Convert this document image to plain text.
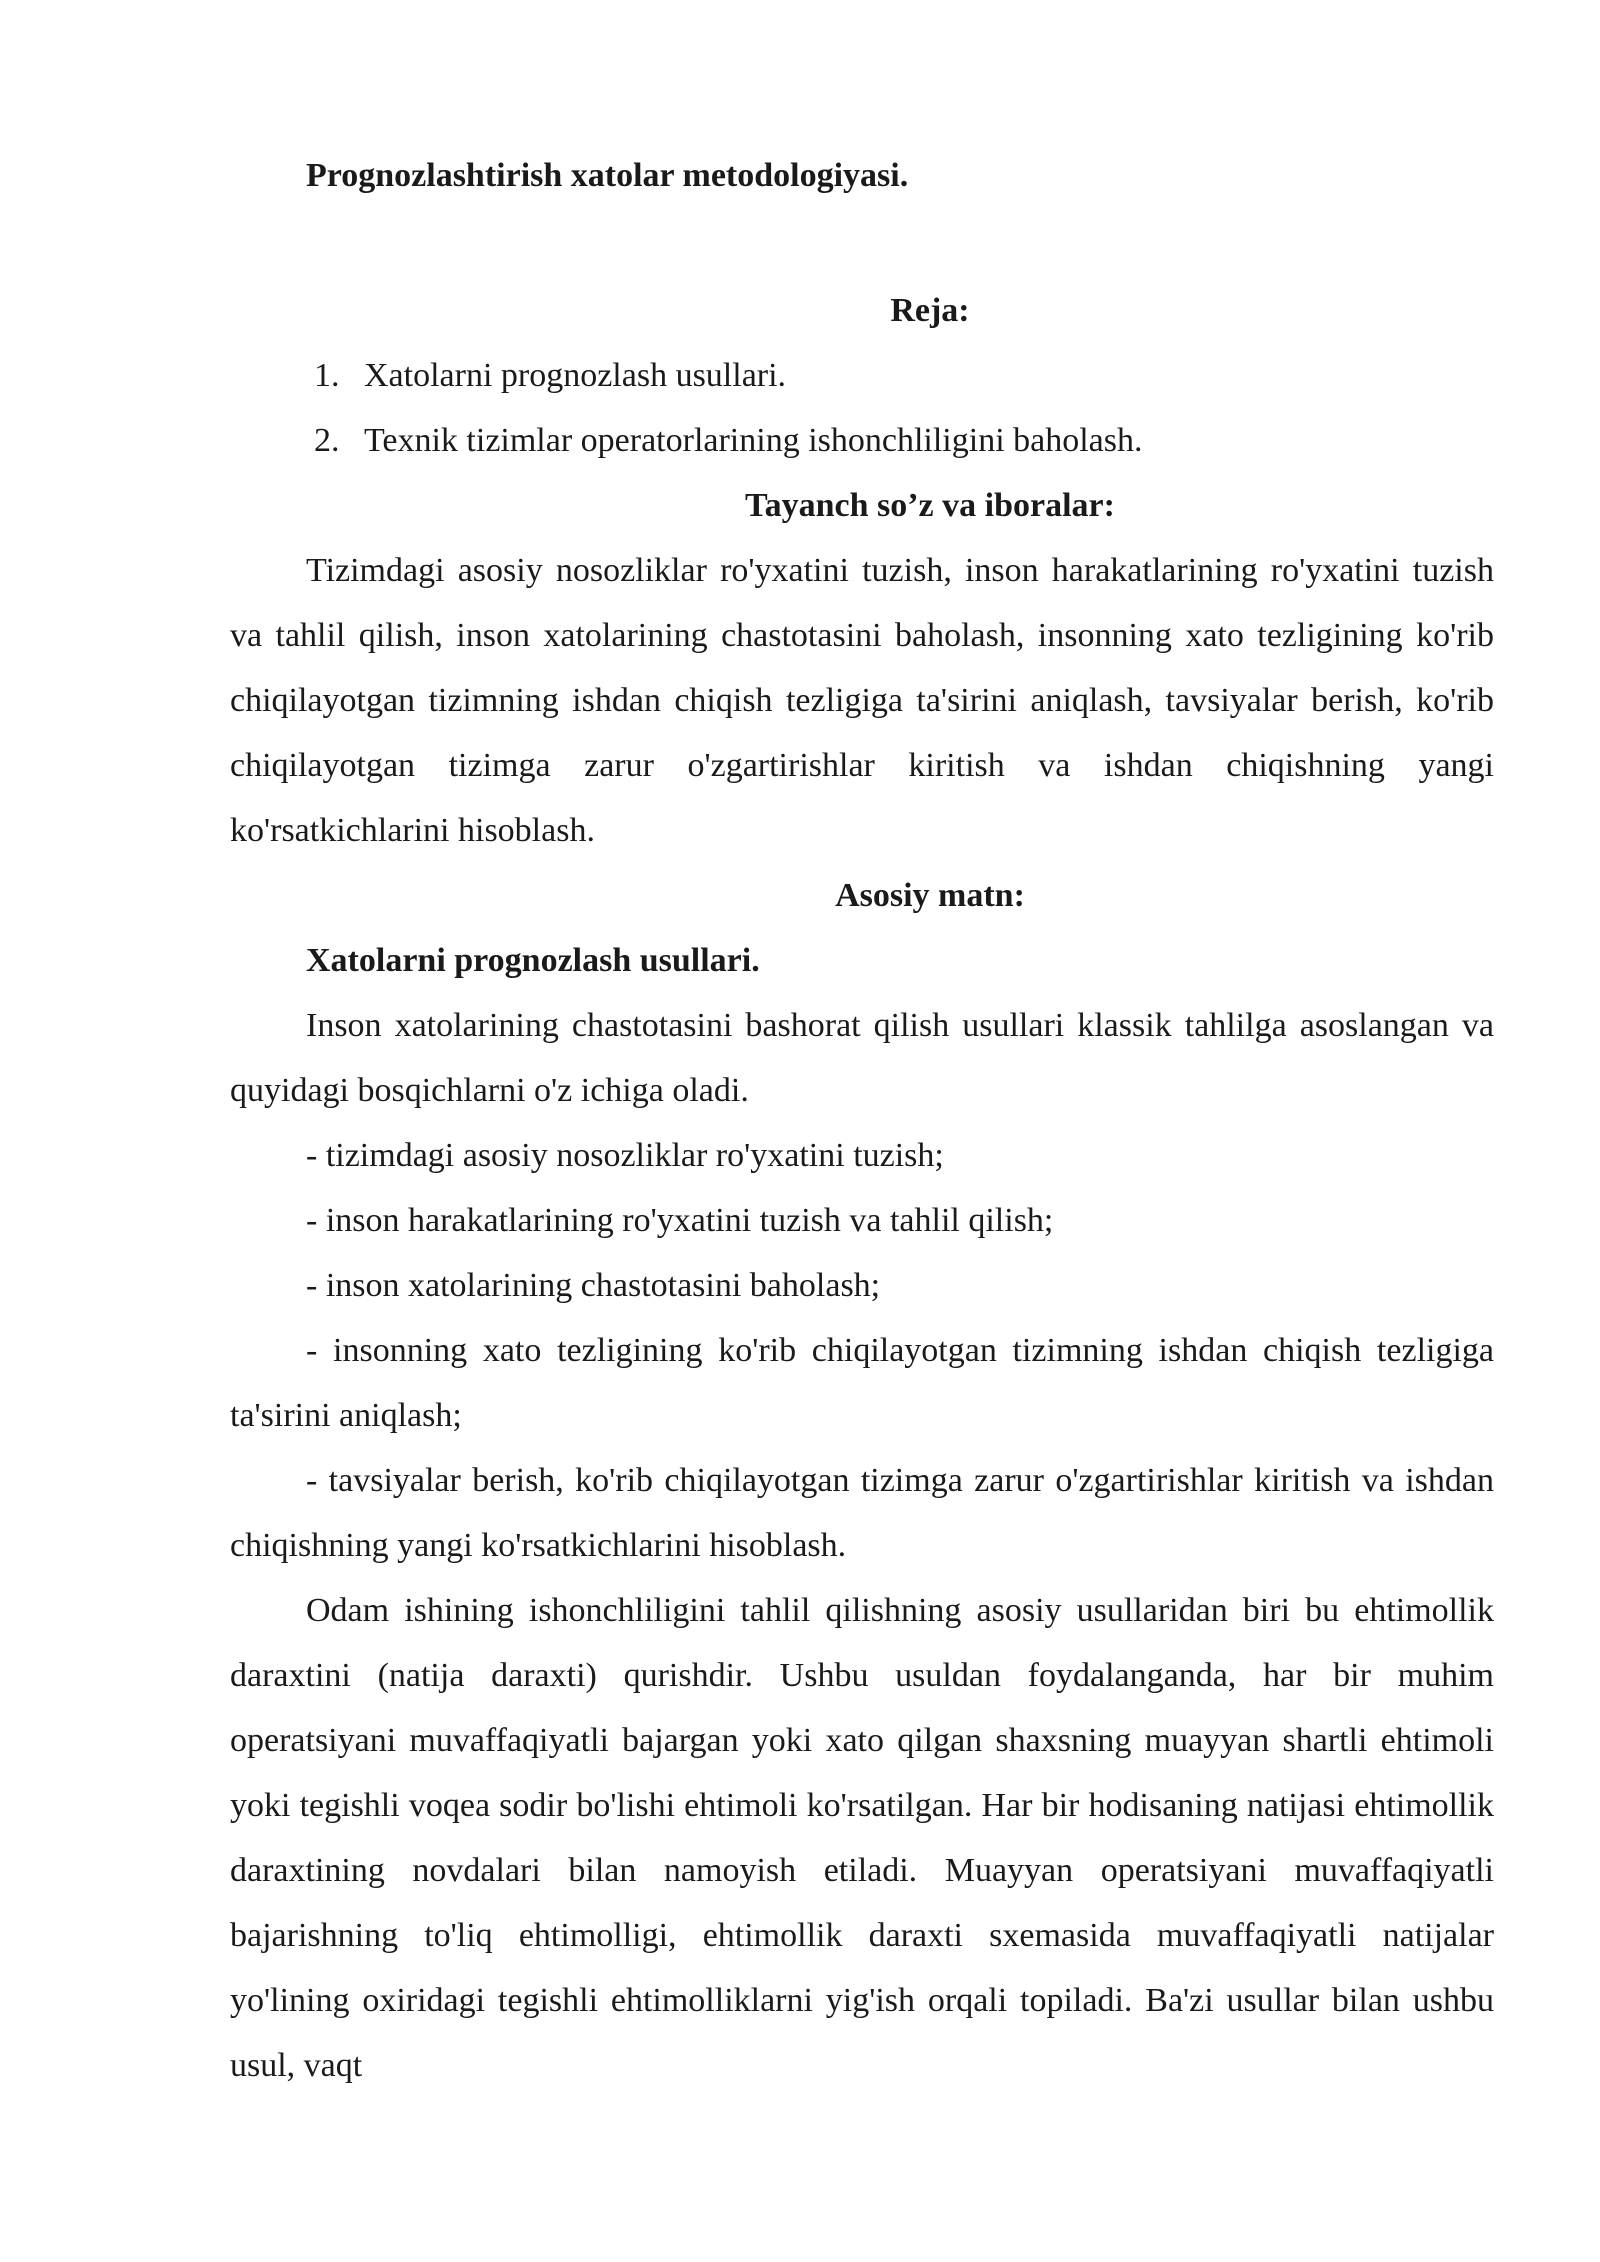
Prognozlashtirish xatolar metodologiyasi.
Reja:
1. Xatolarni prognozlash usullari.
2. Texnik tizimlar operatorlarining ishonchliligini baholash.
Tayanch so’z va iboralar:

Tizimdagi asosiy nosozliklar ro'yxatini tuzish, inson harakatlarining ro'yxatini tuzish va tahlil qilish, inson xatolarining chastotasini baholash, insonning xato tezligining ko'rib chiqilayotgan tizimning ishdan chiqish tezligiga ta'sirini aniqlash, tavsiyalar berish, ko'rib chiqilayotgan tizimga zarur o'zgartirishlar kiritish va ishdan chiqishning yangi ko'rsatkichlarini hisoblash.

Asosiy matn:
Xatolarni prognozlash usullari.

Inson xatolarining chastotasini bashorat qilish usullari klassik tahlilga asoslangan va quyidagi bosqichlarni o'z ichiga oladi.

- tizimdagi asosiy nosozliklar ro'yxatini tuzish;

- inson harakatlarining ro'yxatini tuzish va tahlil qilish;

- inson xatolarining chastotasini baholash;

- insonning xato tezligining ko'rib chiqilayotgan tizimning ishdan chiqish tezligiga ta'sirini aniqlash;

- tavsiyalar berish, ko'rib chiqilayotgan tizimga zarur o'zgartirishlar kiritish va ishdan chiqishning yangi ko'rsatkichlarini hisoblash.

Odam ishining ishonchliligini tahlil qilishning asosiy usullaridan biri bu ehtimollik daraxtini (natija daraxti) qurishdir. Ushbu usuldan foydalanganda, har bir muhim operatsiyani muvaffaqiyatli bajargan yoki xato qilgan shaxsning muayyan shartli ehtimoli yoki tegishli voqea sodir bo'lishi ehtimoli ko'rsatilgan. Har bir hodisaning natijasi ehtimollik daraxtining novdalari bilan namoyish etiladi. Muayyan operatsiyani muvaffaqiyatli bajarishning to'liq ehtimolligi, ehtimollik daraxti sxemasida muvaffaqiyatli natijalar yo'lining oxiridagi tegishli ehtimolliklarni yig'ish orqali topiladi. Ba'zi usullar bilan ushbu usul, vaqt
